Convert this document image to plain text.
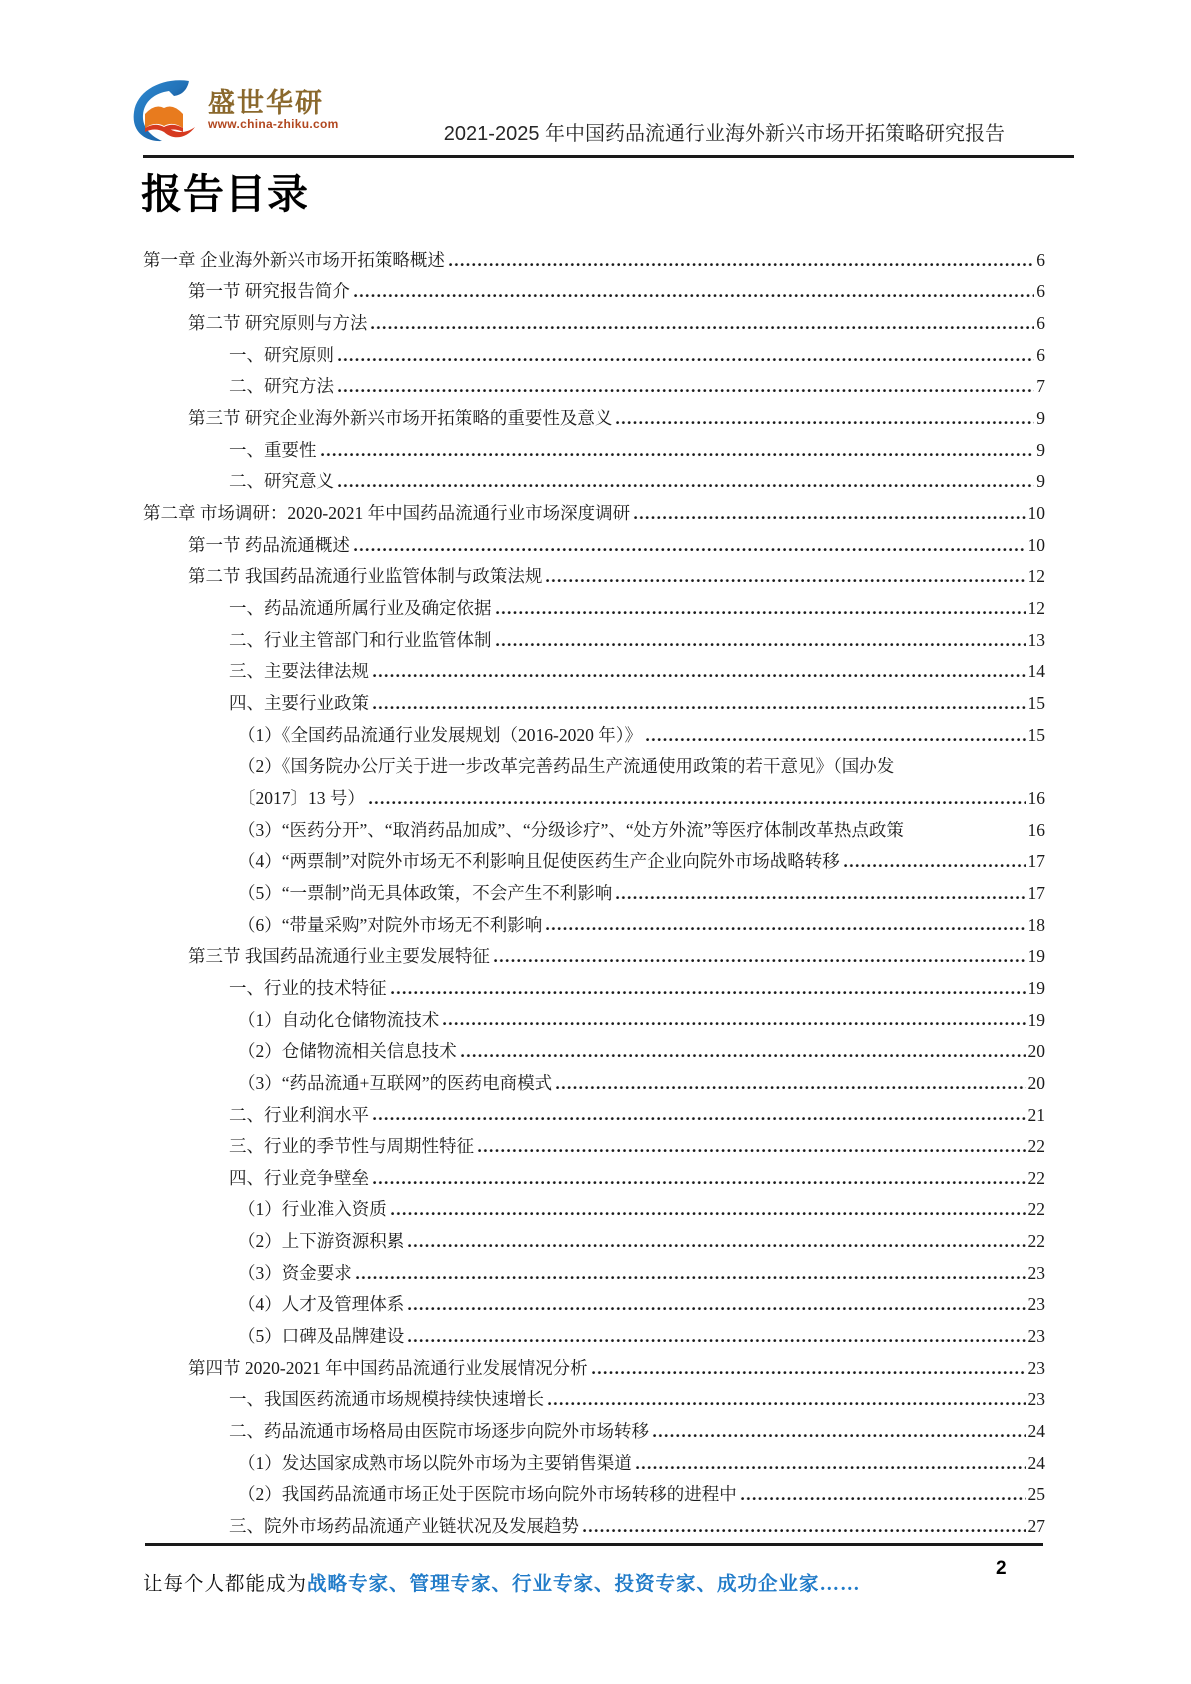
盛世华研
www.china-zhiku.com	2021-2025 年中国药品流通行业海外新兴市场开拓策略研究报告
报告目录
第一章 企业海外新兴市场开拓策略概述	6
第一节 研究报告简介	6
第二节 研究原则与方法	6
一、研究原则	6
二、研究方法	7
第三节 研究企业海外新兴市场开拓策略的重要性及意义	9
一、重要性	9
二、研究意义	9
第二章 市场调研：2020-2021 年中国药品流通行业市场深度调研	10
第一节 药品流通概述	10
第二节 我国药品流通行业监管体制与政策法规	12
一、药品流通所属行业及确定依据	12
二、行业主管部门和行业监管体制	13
三、主要法律法规	14
四、主要行业政策	15
（1）《全国药品流通行业发展规划（2016-2020 年）》	15
（2）《国务院办公厅关于进一步改革完善药品生产流通使用政策的若干意见》（国办发
〔2017〕13 号）	16
（3）“医药分开”、“取消药品加成”、“分级诊疗”、“处方外流”等医疗体制改革热点政策	16
（4）“两票制”对院外市场无不利影响且促使医药生产企业向院外市场战略转移	17
（5）“一票制”尚无具体政策，不会产生不利影响	17
（6）“带量采购”对院外市场无不利影响	18
第三节 我国药品流通行业主要发展特征	19
一、行业的技术特征	19
（1）自动化仓储物流技术	19
（2）仓储物流相关信息技术	20
（3）“药品流通+互联网”的医药电商模式	20
二、行业利润水平	21
三、行业的季节性与周期性特征	22
四、行业竞争壁垒	22
（1）行业准入资质	22
（2）上下游资源积累	22
（3）资金要求	23
（4）人才及管理体系	23
（5）口碑及品牌建设	23
第四节 2020-2021 年中国药品流通行业发展情况分析	23
一、我国医药流通市场规模持续快速增长	23
二、药品流通市场格局由医院市场逐步向院外市场转移	24
（1）发达国家成熟市场以院外市场为主要销售渠道	24
（2）我国药品流通市场正处于医院市场向院外市场转移的进程中	25
三、院外市场药品流通产业链状况及发展趋势	27
让每个人都能成为战略专家、管理专家、行业专家、投资专家、成功企业家……
2
